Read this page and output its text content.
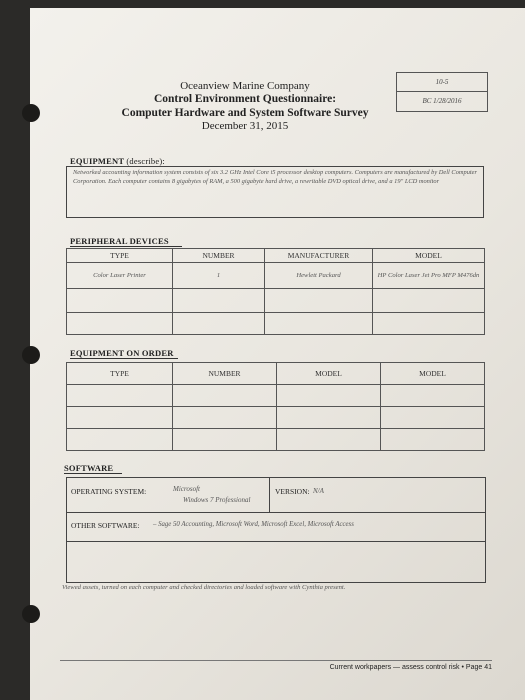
10-5
BC 1/28/2016
Oceanview Marine Company
Control Environment Questionnaire:
Computer Hardware and System Software Survey
December 31, 2015
EQUIPMENT (describe):
Networked accounting information system consists of six 3.2 GHz Intel Core i5 processor desktop computers. Computers are manufactured by Dell Computer Corporation. Each computer contains 8 gigabytes of RAM, a 500 gigabyte hard drive, a rewritable DVD optical drive, and a 19" LCD monitor
PERIPHERAL DEVICES
TYPE	NUMBER	MANUFACTURER	MODEL
Color Laser Printer	1	Hewlett Packard	HP Color Laser Jet Pro MFP M476dn

EQUIPMENT ON ORDER
TYPE	NUMBER	MODEL	MODEL

SOFTWARE
OPERATING SYSTEM:	Microsoft
Windows 7 Professional
VERSION: N/A
OTHER SOFTWARE: – Sage 50 Accounting, Microsoft Word, Microsoft Excel, Microsoft Access
Viewed assets, turned on each computer and checked directories and loaded software with Cynthia present.
Current workpapers — assess control risk • Page 41
